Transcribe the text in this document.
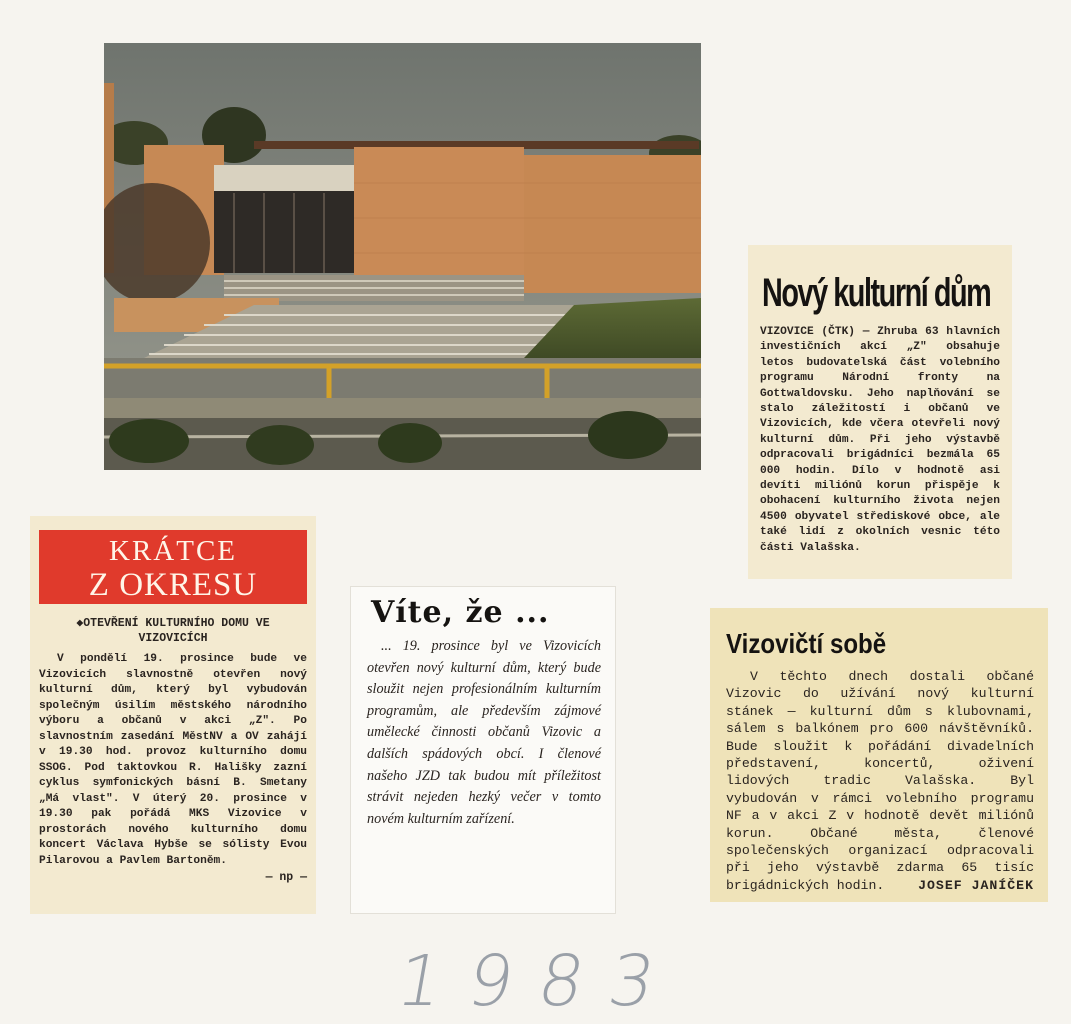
Nový kulturní dům
VIZOVICE (ČTK) — Zhruba 63 hlavních investičních akcí „Z" obsahuje letos budovatelská část volebního programu Národní fronty na Gottwaldovsku. Jeho naplňování se stalo záležitostí i občanů ve Vizovicích, kde včera otevřeli nový kulturní dům. Při jeho výstavbě odpracovali brigádníci bezmála 65 000 hodin. Dílo v hodnotě asi devíti miliónů korun přispěje k obohacení kulturního života nejen 4500 obyvatel střediskové obce, ale také lidí z okolních vesnic této části Valašska.
KRÁTCE
Z OKRESU
◆OTEVŘENÍ KULTURNÍHO DOMU VE VIZOVICÍCH
V pondělí 19. prosince bude ve Vizovicích slavnostně otevřen nový kulturní dům, který byl vybudován společným úsilím městského národního výboru a občanů v akci „Z". Po slavnostním zasedání MěstNV a OV zahájí v 19.30 hod. provoz kulturního domu SSOG. Pod taktovkou R. Hališky zazní cyklus symfonických básní B. Smetany „Má vlast". V úterý 20. prosince v 19.30 pak pořádá MKS Vizovice v prostorách nového kulturního domu koncert Václava Hybše se sólisty Evou Pilarovou a Pavlem Bartoněm.
— np —
Víte, že ...
... 19. prosince byl ve Vizovicích otevřen nový kulturní dům, který bude sloužit nejen profesionálním kulturním programům, ale především zájmové umělecké činnosti občanů Vizovic a dalších spádových obcí. I členové našeho JZD tak budou mít příležitost strávit nejeden hezký večer v tomto novém kulturním zařízení.
Vizovičtí sobě
V těchto dnech dostali občané Vizovic do užívání nový kulturní stánek — kulturní dům s klubovnami, sálem s balkónem pro 600 návštěvníků. Bude sloužit k pořádání divadelních představení, koncertů, oživení lidových tradic Valašska. Byl vybudován v rámci volebního programu NF a v akci Z v hodnotě devět miliónů korun. Občané města, členové společenských organizací odpracovali při jeho výstavbě zdarma 65 tisíc brigádnických hodin.	JOSEF JANÍČEK
1983
